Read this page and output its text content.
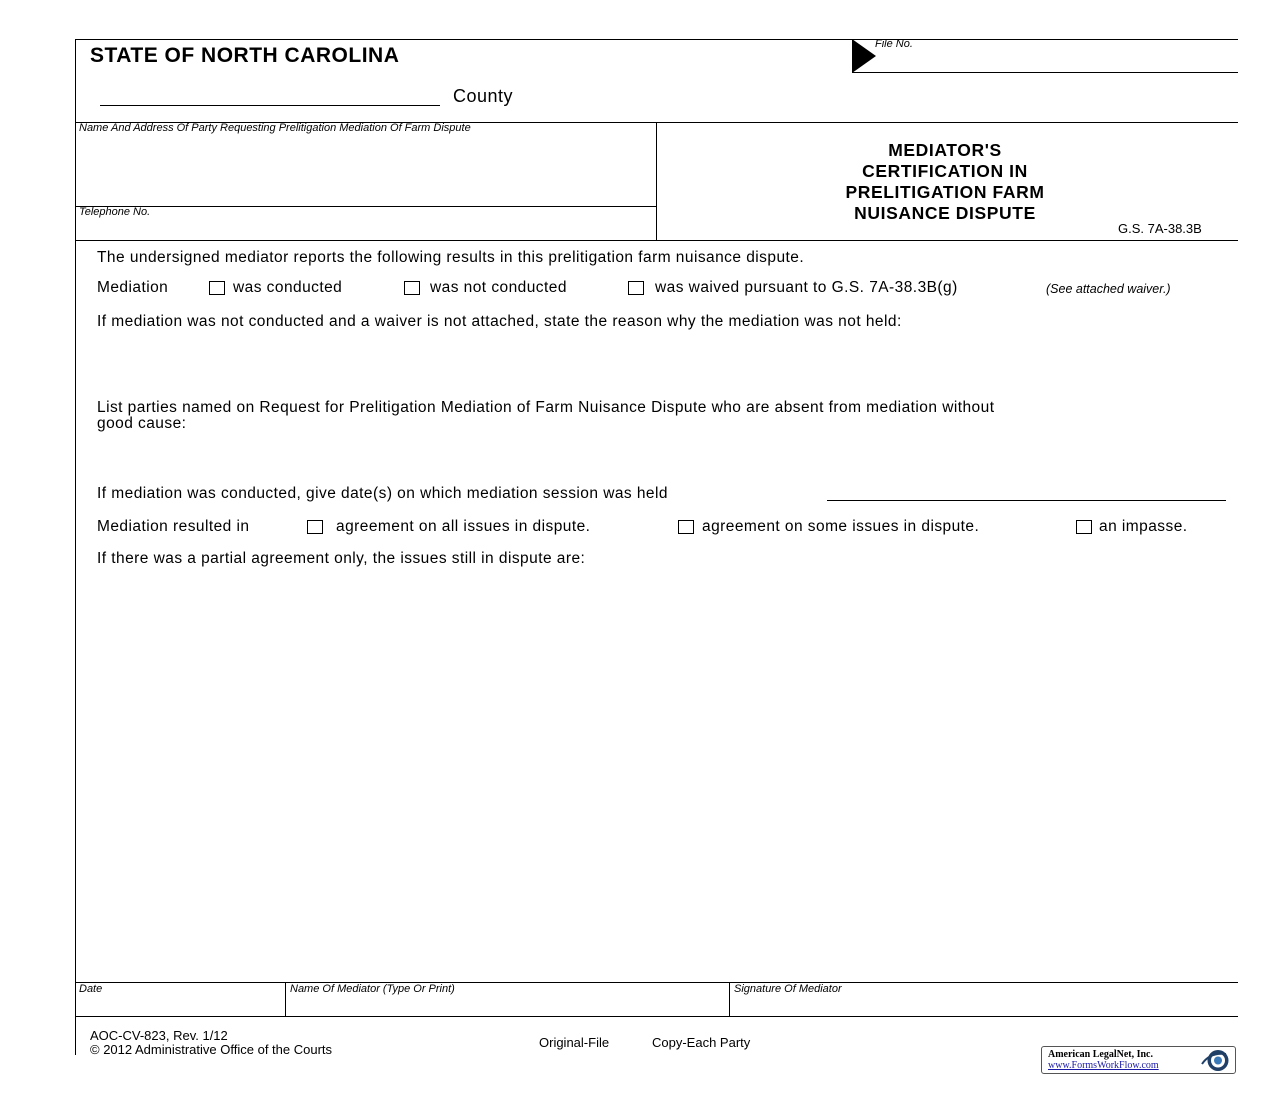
STATE OF NORTH CAROLINA
County
File No.
Name And Address Of Party Requesting Prelitigation Mediation Of Farm Dispute
Telephone No.
MEDIATOR'S
CERTIFICATION IN
PRELITIGATION FARM
NUISANCE DISPUTE
G.S. 7A-38.3B
The undersigned mediator reports the following results in this prelitigation farm nuisance dispute.
Mediation	was conducted	was not conducted	was waived pursuant to G.S. 7A-38.3B(g)	(See attached waiver.)
If mediation was not conducted and a waiver is not attached, state the reason why the mediation was not held:
List parties named on Request for Prelitigation Mediation of Farm Nuisance Dispute who are absent from mediation without
good cause:
If mediation was conducted, give date(s) on which mediation session was held
Mediation resulted in	agreement on all issues in dispute.	agreement on some issues in dispute.	an impasse.
If there was a partial agreement only, the issues still in dispute are:
Date	Name Of Mediator (Type Or Print)	Signature Of Mediator
AOC-CV-823, Rev. 1/12
© 2012 Administrative Office of the Courts	Original-File	Copy-Each Party
American LegalNet, Inc.
www.FormsWorkFlow.com
